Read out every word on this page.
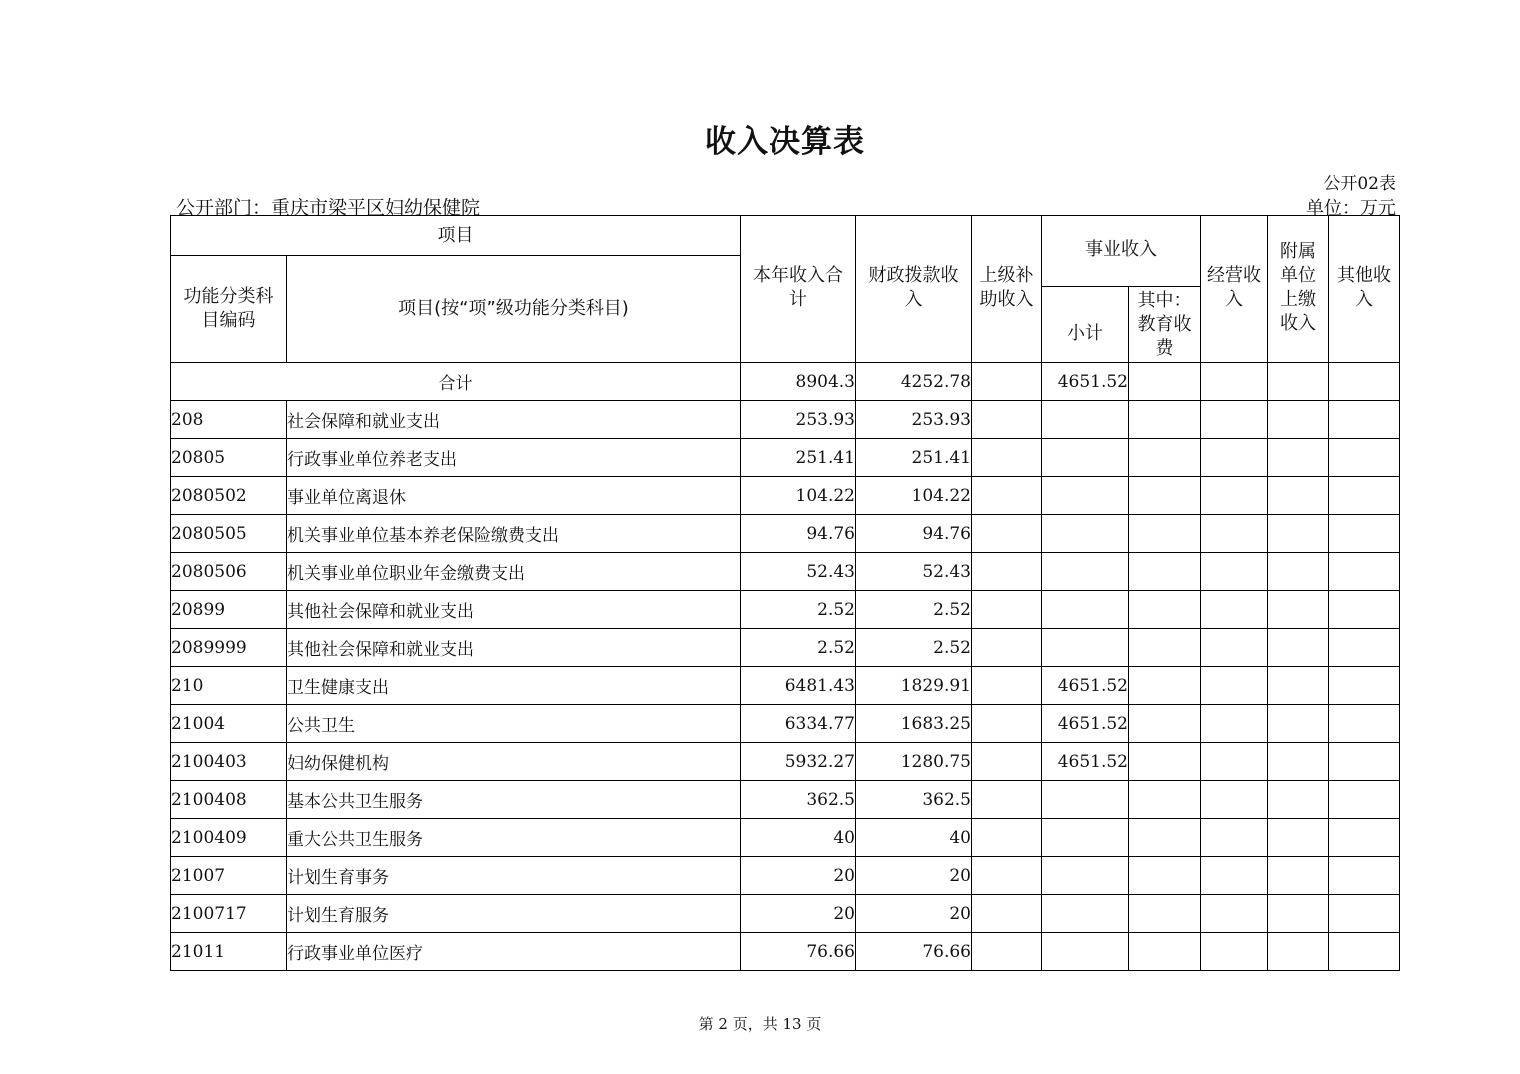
收入决算表
公开02表
公开部门：重庆市梁平区妇幼保健院	单位：万元
项目		本年收入合计	财政拨款收入	上级补助收入	事业收入		经营收入	附属单位上缴收入	其他收入
功能分类科目编码	项目(按“项”级功能分类科目)								
					小计	其中：教育收费			
合计		8904.3	4252.78		4651.52				
208	社会保障和就业支出	253.93	253.93						
20805	行政事业单位养老支出	251.41	251.41						
2080502	事业单位离退休	104.22	104.22						
2080505	机关事业单位基本养老保险缴费支出	94.76	94.76						
2080506	机关事业单位职业年金缴费支出	52.43	52.43						
20899	其他社会保障和就业支出	2.52	2.52						
2089999	其他社会保障和就业支出	2.52	2.52						
210	卫生健康支出	6481.43	1829.91		4651.52				
21004	公共卫生	6334.77	1683.25		4651.52				
2100403	妇幼保健机构	5932.27	1280.75		4651.52				
2100408	基本公共卫生服务	362.5	362.5						
2100409	重大公共卫生服务	40	40						
21007	计划生育事务	20	20						
2100717	计划生育服务	20	20						
21011	行政事业单位医疗	76.66	76.66						
第 2 页，共 13 页
